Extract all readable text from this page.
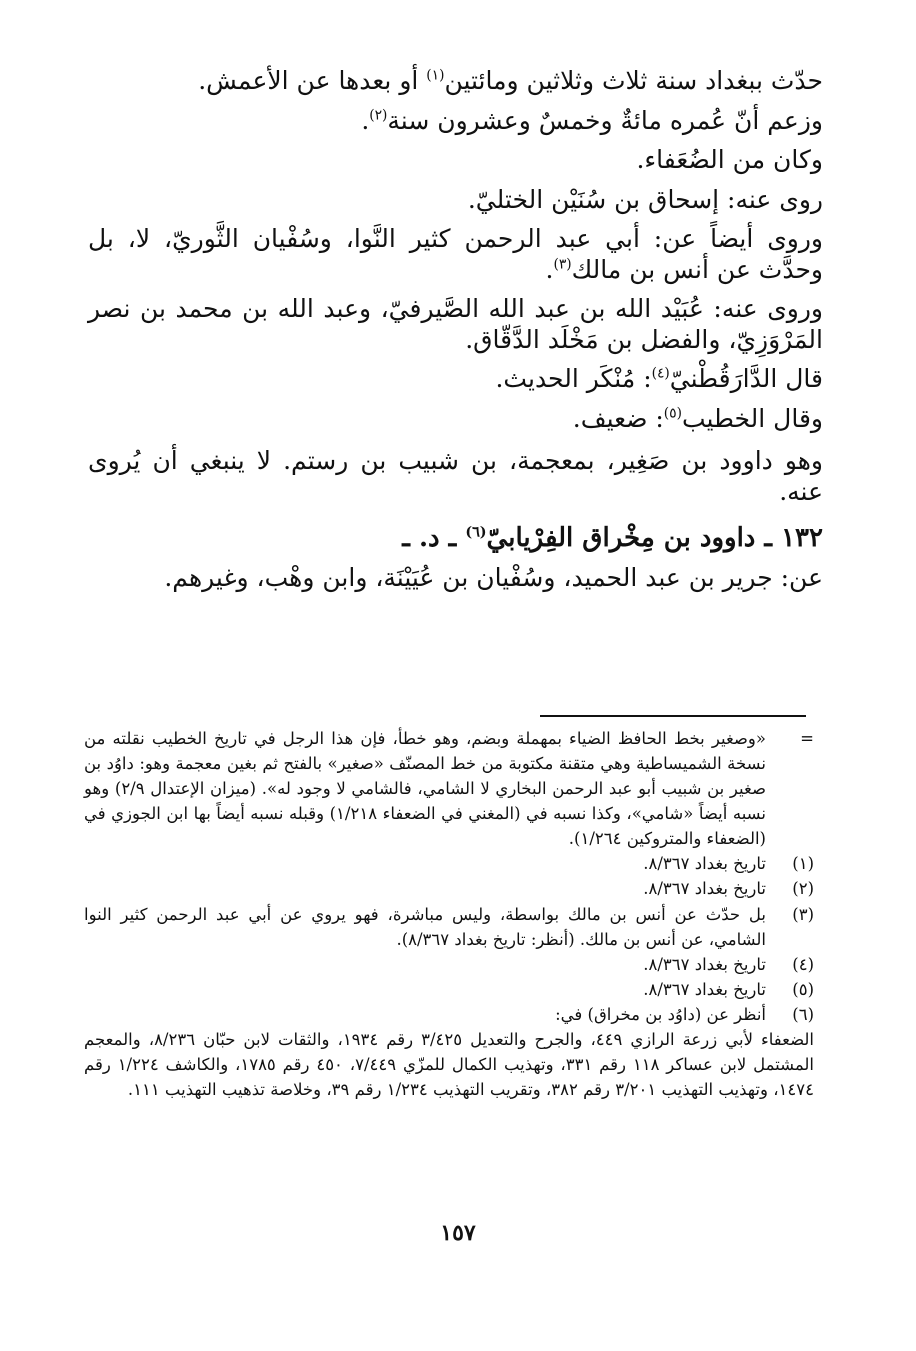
حدّث ببغداد سنة ثلاث وثلاثين ومائتين$^{(١)}$ أو بعدها عن الأعمش.

وزعم أنّ عُمره مائةٌ وخمسٌ وعشرون سنة$^{(٢)}$.

وكان من الضُعَفاء.

روى عنه: إسحاق بن سُنَيْن الختليّ.

وروى أيضاً عن: أبي عبد الرحمن كثير النَّوا، وسُفْيان الثَّوريّ، لا، بل وحدَّث عن أنس بن مالك$^{(٣)}$.

وروى عنه: عُبَيْد الله بن عبد الله الصَّيرفيّ، وعبد الله بن محمد بن نصر المَرْوَزِيّ، والفضل بن مَخْلَد الدَّقّاق.

قال الدَّارَقُطْنيّ$^{(٤)}$: مُنْكَر الحديث.

وقال الخطيب$^{(٥)}$: ضعيف.

وهو داوود بن صَغِير، بمعجمة، بن شبيب بن رستم. لا ينبغي أن يُروى عنه.

١٣٢ ـ داوود بن مِخْراق الفِرْيابيّ$^{(٦)}$ ـ د. ـ

عن: جرير بن عبد الحميد، وسُفْيان بن عُيَيْنَة، وابن وهْب، وغيرهم.

=
«وصغير بخط الحافظ الضياء بمهملة وبضم، وهو خطأ، فإن هذا الرجل في تاريخ الخطيب نقلته من نسخة الشميساطية وهي متقنة مكتوبة من خط المصنّف «صغير» بالفتح ثم بغين معجمة وهو: داوُد بن صغير بن شبيب أبو عبد الرحمن البخاري لا الشامي، فالشامي لا وجود له». (ميزان الإعتدال ٢/٩) وهو نسبه أيضاً «شامي»، وكذا نسبه في (المغني في الضعفاء ١/٢١٨) وقبله نسبه أيضاً بها ابن الجوزي في (الضعفاء والمتروكين ١/٢٦٤).
(١)
تاريخ بغداد ٨/٣٦٧.
(٢)
تاريخ بغداد ٨/٣٦٧.
(٣)
بل حدّث عن أنس بن مالك بواسطة، وليس مباشرة، فهو يروي عن أبي عبد الرحمن كثير النوا الشامي، عن أنس بن مالك. (أنظر: تاريخ بغداد ٨/٣٦٧).
(٤)
تاريخ بغداد ٨/٣٦٧.
(٥)
تاريخ بغداد ٨/٣٦٧.
(٦)
أنظر عن (داوُد بن مخراق) في:
الضعفاء لأبي زرعة الرازي ٤٤٩، والجرح والتعديل ٣/٤٢٥ رقم ١٩٣٤، والثقات لابن حبّان ٨/٢٣٦، والمعجم المشتمل لابن عساكر ١١٨ رقم ٣٣١، وتهذيب الكمال للمزّي ٧/٤٤٩، ٤٥٠ رقم ١٧٨٥، والكاشف ١/٢٢٤ رقم ١٤٧٤، وتهذيب التهذيب ٣/٢٠١ رقم ٣٨٢، وتقريب التهذيب ١/٢٣٤ رقم ٣٩، وخلاصة تذهيب التهذيب ١١١.
١٥٧
